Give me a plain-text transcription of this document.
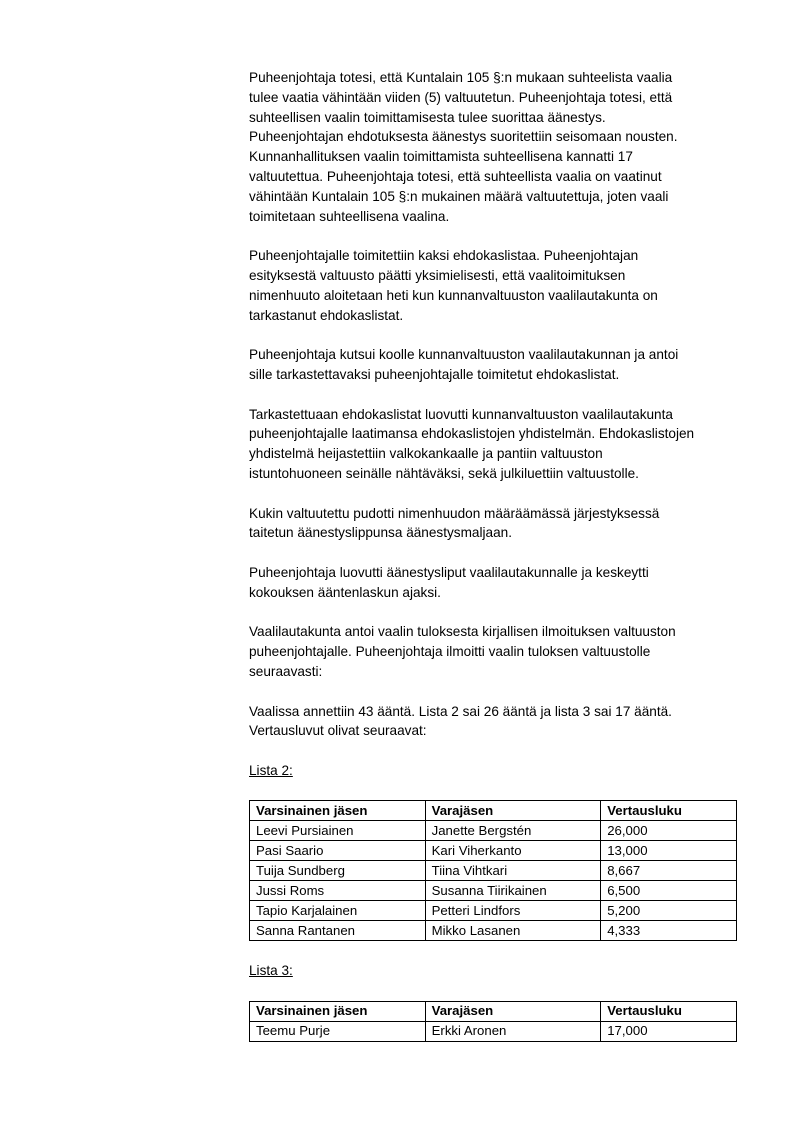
Puheenjohtaja totesi, että Kuntalain 105 §:n mukaan suhteelista vaalia
tulee vaatia vähintään viiden (5) valtuutetun. Puheenjohtaja totesi, että
suhteellisen vaalin toimittamisesta tulee suorittaa äänestys.
Puheenjohtajan ehdotuksesta äänestys suoritettiin seisomaan nousten.
Kunnanhallituksen vaalin toimittamista suhteellisena kannatti 17
valtuutettua. Puheenjohtaja totesi, että suhteellista vaalia on vaatinut
vähintään Kuntalain 105 §:n mukainen määrä valtuutettuja, joten vaali
toimitetaan suhteellisena vaalina.

Puheenjohtajalle toimitettiin kaksi ehdokaslistaa. Puheenjohtajan
esityksestä valtuusto päätti yksimielisesti, että vaalitoimituksen
nimenhuuto aloitetaan heti kun kunnanvaltuuston vaalilautakunta on
tarkastanut ehdokaslistat.

Puheenjohtaja kutsui koolle kunnanvaltuuston vaalilautakunnan ja antoi
sille tarkastettavaksi puheenjohtajalle toimitetut ehdokaslistat.

Tarkastettuaan ehdokaslistat luovutti kunnanvaltuuston vaalilautakunta
puheenjohtajalle laatimansa ehdokaslistojen yhdistelmän. Ehdokaslistojen
yhdistelmä heijastettiin valkokankaalle ja pantiin valtuuston
istuntohuoneen seinälle nähtäväksi, sekä julkiluettiin valtuustolle.

Kukin valtuutettu pudotti nimenhuudon määräämässä järjestyksessä
taitetun äänestyslippunsa äänestysmaljaan.

Puheenjohtaja luovutti äänestysliput vaalilautakunnalle ja keskeytti
kokouksen ääntenlaskun ajaksi.

Vaalilautakunta antoi vaalin tuloksesta kirjallisen ilmoituksen valtuuston
puheenjohtajalle. Puheenjohtaja ilmoitti vaalin tuloksen valtuustolle
seuraavasti:

Vaalissa annettiin 43 ääntä. Lista 2 sai 26 ääntä ja lista 3 sai 17 ääntä.
Vertausluvut olivat seuraavat:

Lista 2:
Varsinainen jäsen	Varajäsen	Vertausluku
Leevi Pursiainen	Janette Bergstén	26,000
Pasi Saario	Kari Viherkanto	13,000
Tuija Sundberg	Tiina Vihtkari	8,667
Jussi Roms	Susanna Tiirikainen	6,500
Tapio Karjalainen	Petteri Lindfors	5,200
Sanna Rantanen	Mikko Lasanen	4,333
Lista 3:
Varsinainen jäsen	Varajäsen	Vertausluku
Teemu Purje	Erkki Aronen	17,000
